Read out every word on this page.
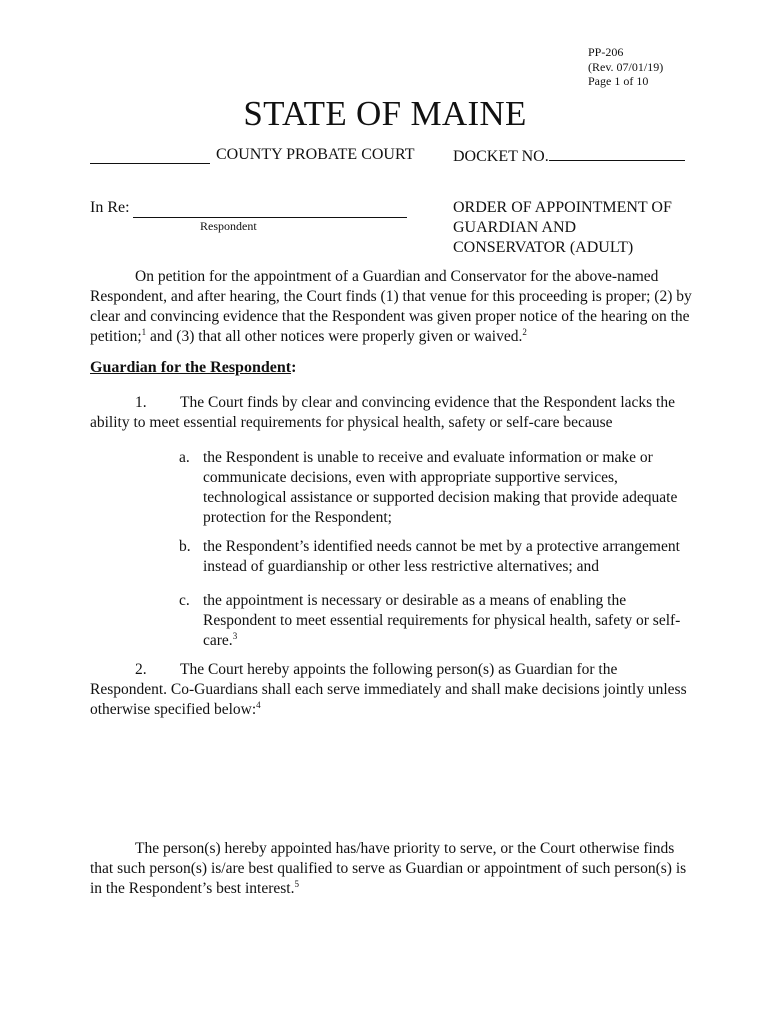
PP-206
(Rev. 07/01/19)
Page 1 of 10
STATE OF MAINE
COUNTY PROBATE COURT DOCKET NO.
In Re:
Respondent
ORDER OF APPOINTMENT OF
GUARDIAN AND
CONSERVATOR (ADULT)
On petition for the appointment of a Guardian and Conservator for the above-named
Respondent, and after hearing, the Court finds (1) that venue for this proceeding is proper; (2) by
clear and convincing evidence that the Respondent was given proper notice of the hearing on the
petition;$^1$ and (3) that all other notices were properly given or waived.$^2$
Guardian for the Respondent:
1. The Court finds by clear and convincing evidence that the Respondent lacks the
ability to meet essential requirements for physical health, safety or self-care because
a. the Respondent is unable to receive and evaluate information or make or
communicate decisions, even with appropriate supportive services,
technological assistance or supported decision making that provide adequate
protection for the Respondent;
b. the Respondent’s identified needs cannot be met by a protective arrangement
instead of guardianship or other less restrictive alternatives; and
c. the appointment is necessary or desirable as a means of enabling the
Respondent to meet essential requirements for physical health, safety or self-
care.$^3$
2. The Court hereby appoints the following person(s) as Guardian for the
Respondent. Co-Guardians shall each serve immediately and shall make decisions jointly unless
otherwise specified below:$^4$
The person(s) hereby appointed has/have priority to serve, or the Court otherwise finds
that such person(s) is/are best qualified to serve as Guardian or appointment of such person(s) is
in the Respondent’s best interest.$^5$
